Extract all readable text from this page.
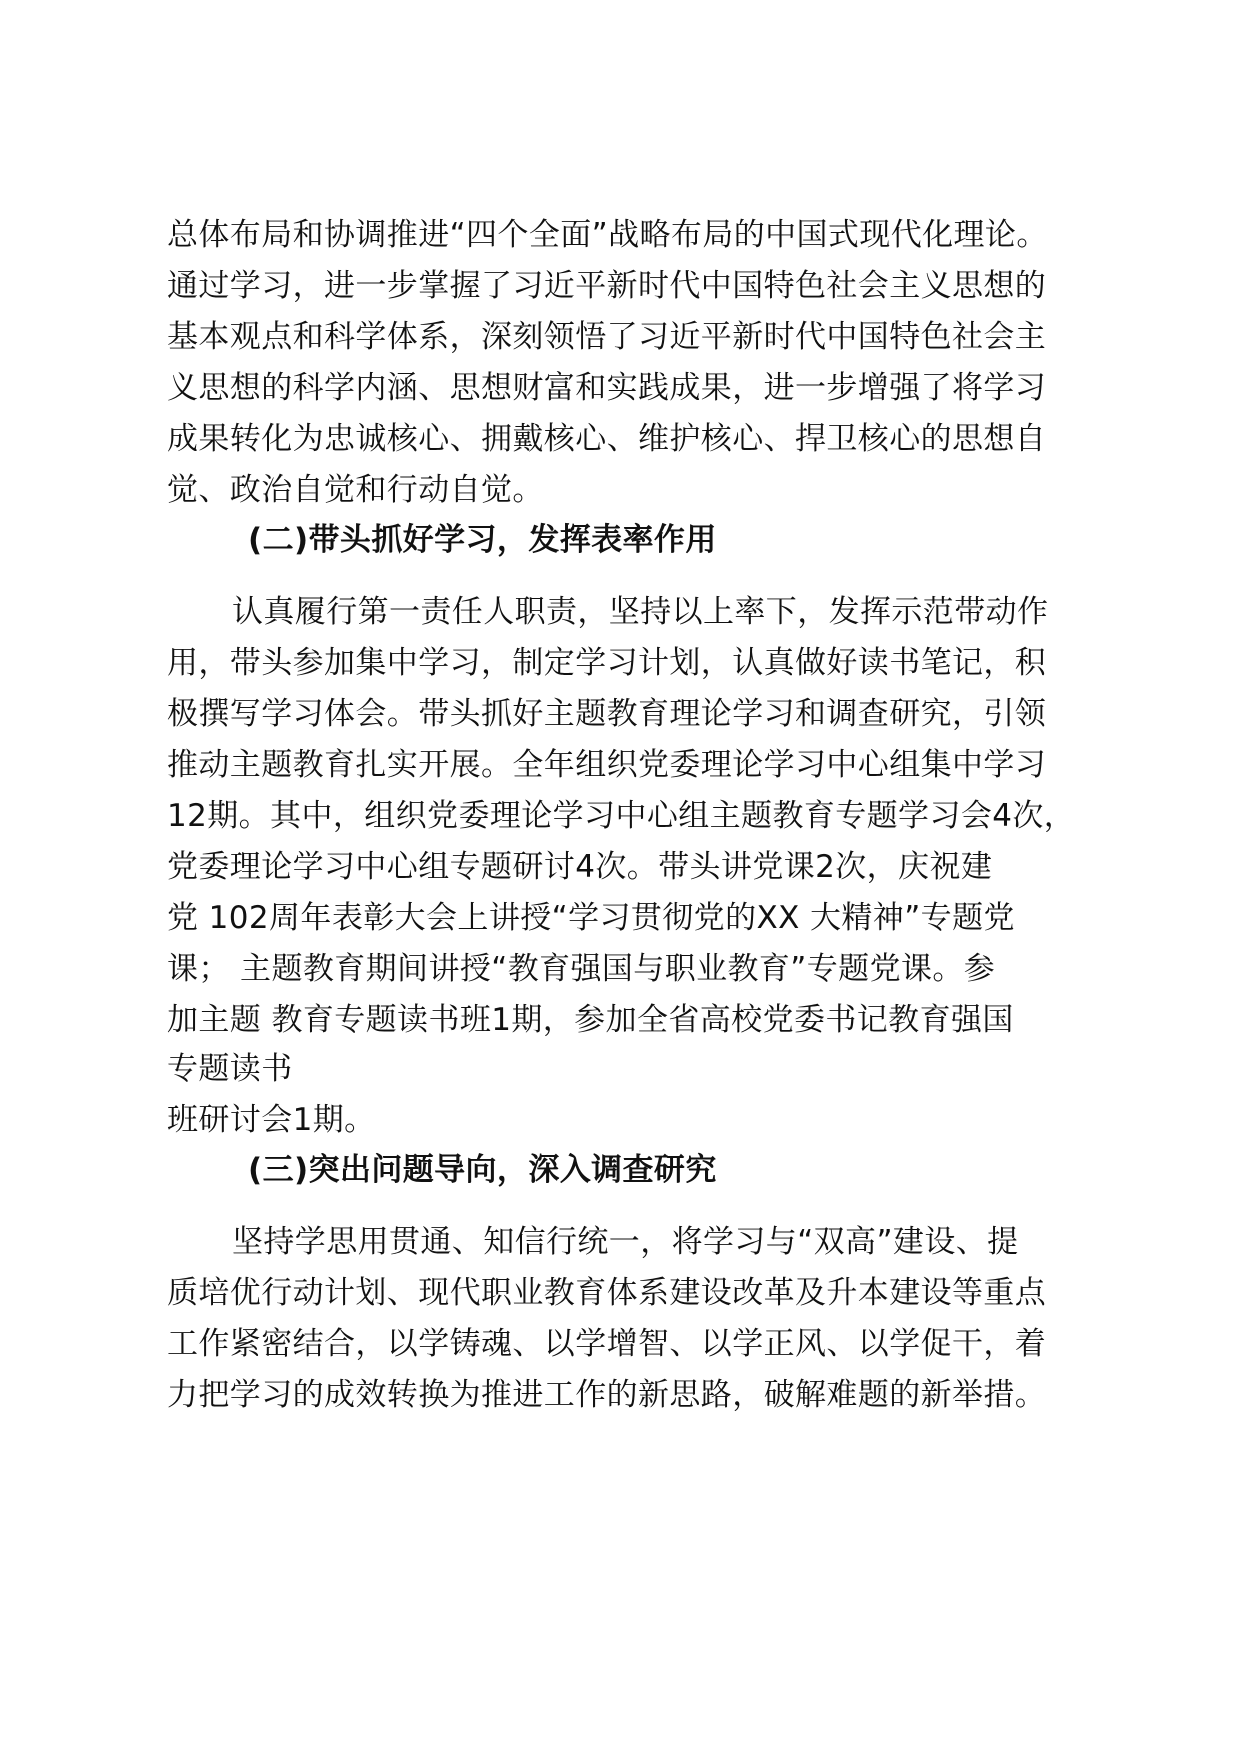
总体布局和协调推进“四个全面”战略布局的中国式现代化理论。
通过学习，进一步掌握了习近平新时代中国特色社会主义思想的
基本观点和科学体系，深刻领悟了习近平新时代中国特色社会主
义思想的科学内涵、思想财富和实践成果，进一步增强了将学习
成果转化为忠诚核心、拥戴核心、维护核心、捍卫核心的思想自
觉、政治自觉和行动自觉。
(二)带头抓好学习，发挥表率作用
认真履行第一责任人职责，坚持以上率下，发挥示范带动作
用，带头参加集中学习，制定学习计划，认真做好读书笔记，积
极撰写学习体会。带头抓好主题教育理论学习和调查研究，引领
推动主题教育扎实开展。全年组织党委理论学习中心组集中学习
12期。其中，组织党委理论学习中心组主题教育专题学习会4次，
党委理论学习中心组专题研讨4次。带头讲党课2次，庆祝建
党 102周年表彰大会上讲授“学习贯彻党的XX 大精神”专题党
课； 主题教育期间讲授“教育强国与职业教育”专题党课。参
加主题 教育专题读书班1期，参加全省高校党委书记教育强国
专题读书
班研讨会1期。
(三)突出问题导向，深入调查研究
坚持学思用贯通、知信行统一，将学习与“双高”建设、提
质培优行动计划、现代职业教育体系建设改革及升本建设等重点
工作紧密结合，以学铸魂、以学增智、以学正风、以学促干，着
力把学习的成效转换为推进工作的新思路，破解难题的新举措。
